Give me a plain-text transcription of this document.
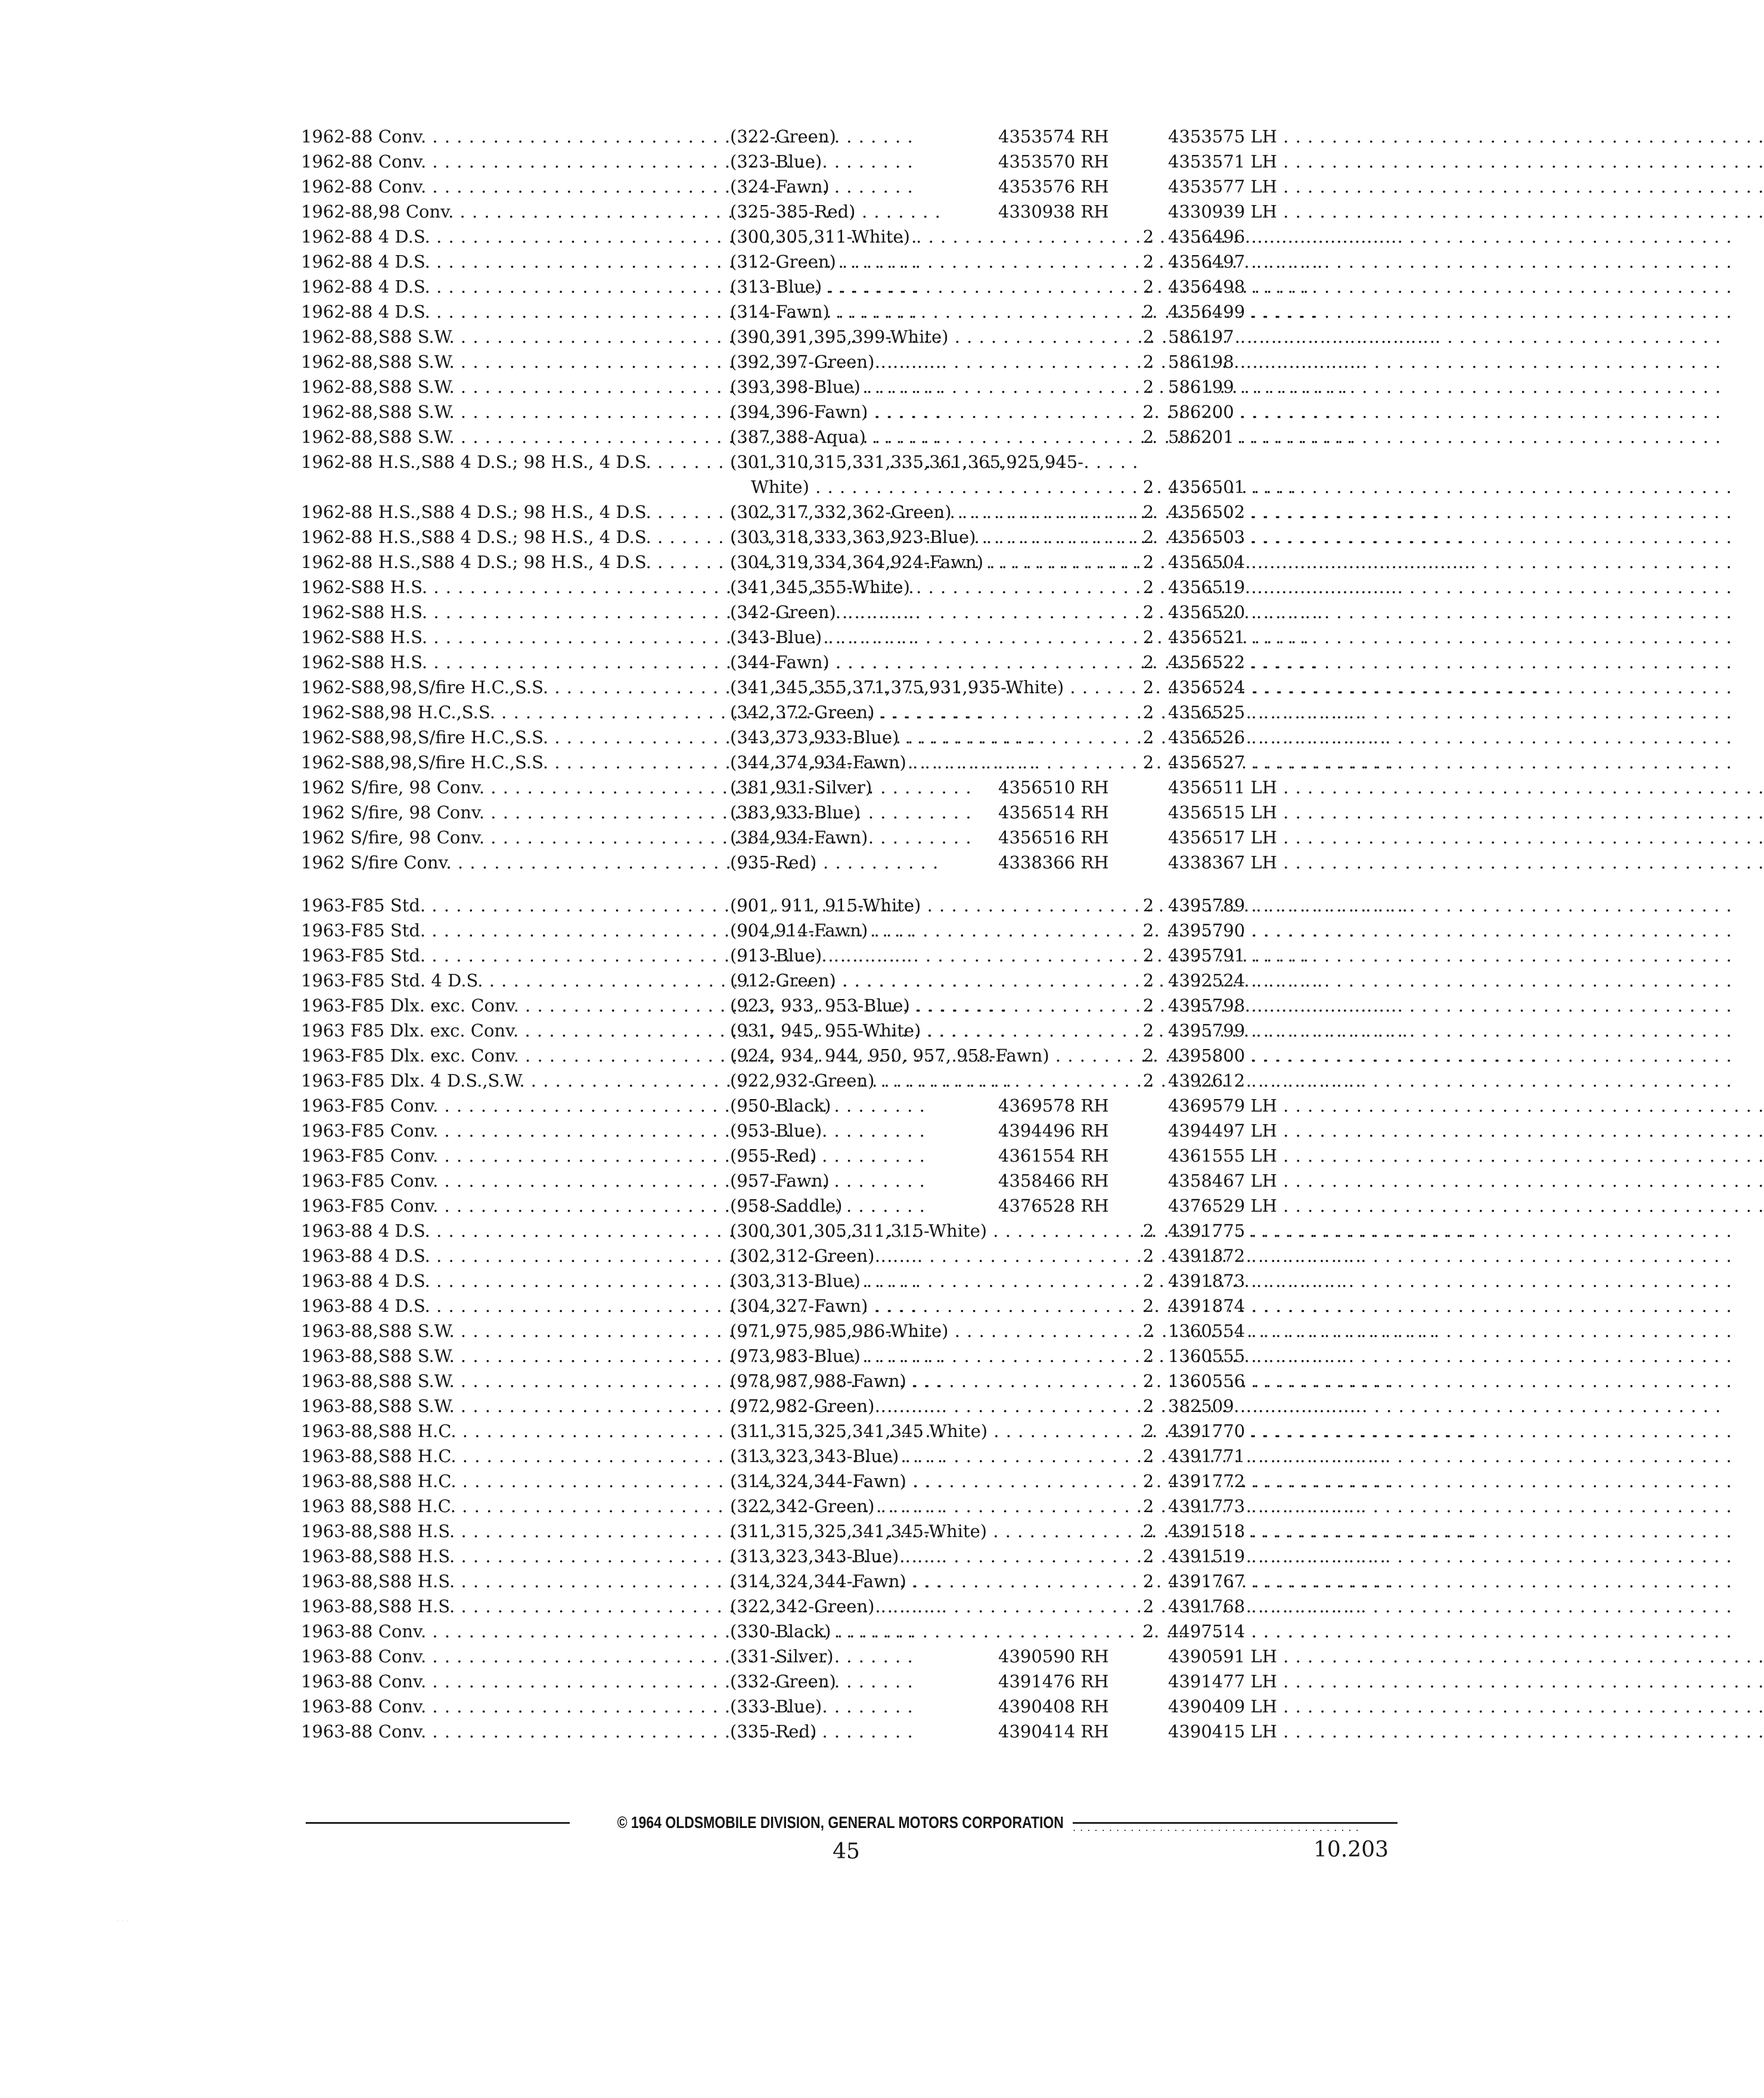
1962-88 Conv. . . .	(322-Green)	4353574 RH	4353575 LH . . .
1962-88 Conv. . . .	(323-Blue)	4353570 RH	4353571 LH . . .
1962-88 Conv. . . .	(324-Fawn)	4353576 RH	4353577 LH . . .
1962-88,98 Conv. . . .	(325-385-Red)	4330938 RH	4330939 LH . . .
1962-88 4 D.S. . . .	(300,305,311-White) . . .	2 4356496 . . .
1962-88 4 D.S. . . .	(312-Green) . . .	2 4356497 . . .
1962-88 4 D.S. . . .	(313-Blue) . . .	2 4356498 . . .
1962-88 4 D.S. . . .	(314-Fawn) . . .	2 4356499 . . .
1962-88,S88 S.W. . . .	(390,391,395,399-White) . . .	2 586197 . . .
1962-88,S88 S.W. . . .	(392,397-Green) . . .	2 586198 . . .
1962-88,S88 S.W. . . .	(393,398-Blue) . . .	2 586199 . . .
1962-88,S88 S.W. . . .	(394,396-Fawn) . . .	2 586200 . . .
1962-88,S88 S.W. . . .	(387,388-Aqua) . . .	2 586201 . . .
1962-88 H.S.,S88 4 D.S.; 98 H.S., 4 D.S. . . .	(301,310,315,331,335,361,365,925,945-
White) . . .	2 4356501 . . .
1962-88 H.S.,S88 4 D.S.; 98 H.S., 4 D.S. . . .	(302,317,332,362-Green) . . .	2 4356502 . . .
1962-88 H.S.,S88 4 D.S.; 98 H.S., 4 D.S. . . .	(303,318,333,363,923-Blue) . . .	2 4356503 . . .
1962-88 H.S.,S88 4 D.S.; 98 H.S., 4 D.S. . . .	(304,319,334,364,924-Fawn) . . .	2 4356504 . . .
1962-S88 H.S. . . .	(341,345,355-White) . . .	2 4356519 . . .
1962-S88 H.S. . . .	(342-Green) . . .	2 4356520 . . .
1962-S88 H.S. . . .	(343-Blue) . . .	2 4356521 . . .
1962-S88 H.S. . . .	(344-Fawn) . . .	2 4356522 . . .
1962-S88,98,S/fire H.C.,S.S. . . .	(341,345,355,371,375,931,935-White) . . .	2 4356524 . . .
1962-S88,98 H.C.,S.S. . . .	(342,372-Green) . . .	2 4356525 . . .
1962-S88,98,S/fire H.C.,S.S. . . .	(343,373,933-Blue) . . .	2 4356526 . . .
1962-S88,98,S/fire H.C.,S.S. . . .	(344,374,934-Fawn) . . .	2 4356527 . . .
1962 S/fire, 98 Conv. . . .	(381,931-Silver)	4356510 RH	4356511 LH . . .
1962 S/fire, 98 Conv. . . .	(383,933-Blue)	4356514 RH	4356515 LH . . .
1962 S/fire, 98 Conv. . . .	(384,934-Fawn)	4356516 RH	4356517 LH . . .
1962 S/fire Conv. . . .	(935-Red)	4338366 RH	4338367 LH . . .
1963-F85 Std. . . .	(901, 911, 915-White) . . .	2 4395789 . . .
1963-F85 Std. . . .	(904,914-Fawn) . . .	2 4395790 . . .
1963-F85 Std. . . .	(913-Blue) . . .	2 4395791 . . .
1963-F85 Std. 4 D.S. . . .	(912-Green) . . .	2 4392524 . . .
1963-F85 Dlx. exc. Conv. . . .	(923, 933, 953-Blue) . . .	2 4395798 . . .
1963 F85 Dlx. exc. Conv. . . .	(931, 945, 955-White) . . .	2 4395799 . . .
1963-F85 Dlx. exc. Conv. . . .	(924, 934, 944, 950, 957, 958-Fawn) . . .	2 4395800 . . .
1963-F85 Dlx. 4 D.S.,S.W. . . .	(922,932-Green) . . .	2 4392612 . . .
1963-F85 Conv. . . .	(950-Black)	4369578 RH	4369579 LH . . .
1963-F85 Conv. . . .	(953-Blue)	4394496 RH	4394497 LH . . .
1963-F85 Conv. . . .	(955-Red)	4361554 RH	4361555 LH . . .
1963-F85 Conv. . . .	(957-Fawn)	4358466 RH	4358467 LH . . .
1963-F85 Conv. . . .	(958-Saddle)	4376528 RH	4376529 LH . . .
1963-88 4 D.S. . . .	(300,301,305,311,315-White) . . .	2 4391775 . . .
1963-88 4 D.S. . . .	(302,312-Green) . . .	2 4391872 . . .
1963-88 4 D.S. . . .	(303,313-Blue) . . .	2 4391873 . . .
1963-88 4 D.S. . . .	(304,327-Fawn) . . .	2 4391874 . . .
1963-88,S88 S.W. . . .	(971,975,985,986-White) . . .	2 1360554 . . .
1963-88,S88 S.W. . . .	(973,983-Blue) . . .	2 1360555 . . .
1963-88,S88 S.W. . . .	(978,987,988-Fawn) . . .	2 1360556 . . .
1963-88,S88 S.W. . . .	(972,982-Green) . . .	2 382509 . . .
1963-88,S88 H.C. . . .	(311,315,325,341,345 White) . . .	2 4391770 . . .
1963-88,S88 H.C. . . .	(313,323,343-Blue) . . .	2 4391771 . . .
1963-88,S88 H.C. . . .	(314,324,344-Fawn) . . .	2 4391772 . . .
1963 88,S88 H.C. . . .	(322,342-Green) . . .	2 4391773 . . .
1963-88,S88 H.S. . . .	(311,315,325,341,345-White) . . .	2 4391518 . . .
1963-88,S88 H.S. . . .	(313,323,343-Blue) . . .	2 4391519 . . .
1963-88,S88 H.S. . . .	(314,324,344-Fawn) . . .	2 4391767 . . .
1963-88,S88 H.S. . . .	(322,342-Green) . . .	2 4391768 . . .
1963-88 Conv. . . .	(330-Black) . . .	2 4497514 . . .
1963-88 Conv. . . .	(331-Silver)	4390590 RH	4390591 LH . . .
1963-88 Conv. . . .	(332-Green)	4391476 RH	4391477 LH . . .
1963-88 Conv. . . .	(333-Blue)	4390408 RH	4390409 LH . . .
1963-88 Conv. . . .	(335-Red)	4390414 RH	4390415 LH . . .
© 1964 OLDSMOBILE DIVISION, GENERAL MOTORS CORPORATION
. . .
45	10.203
· · ·
